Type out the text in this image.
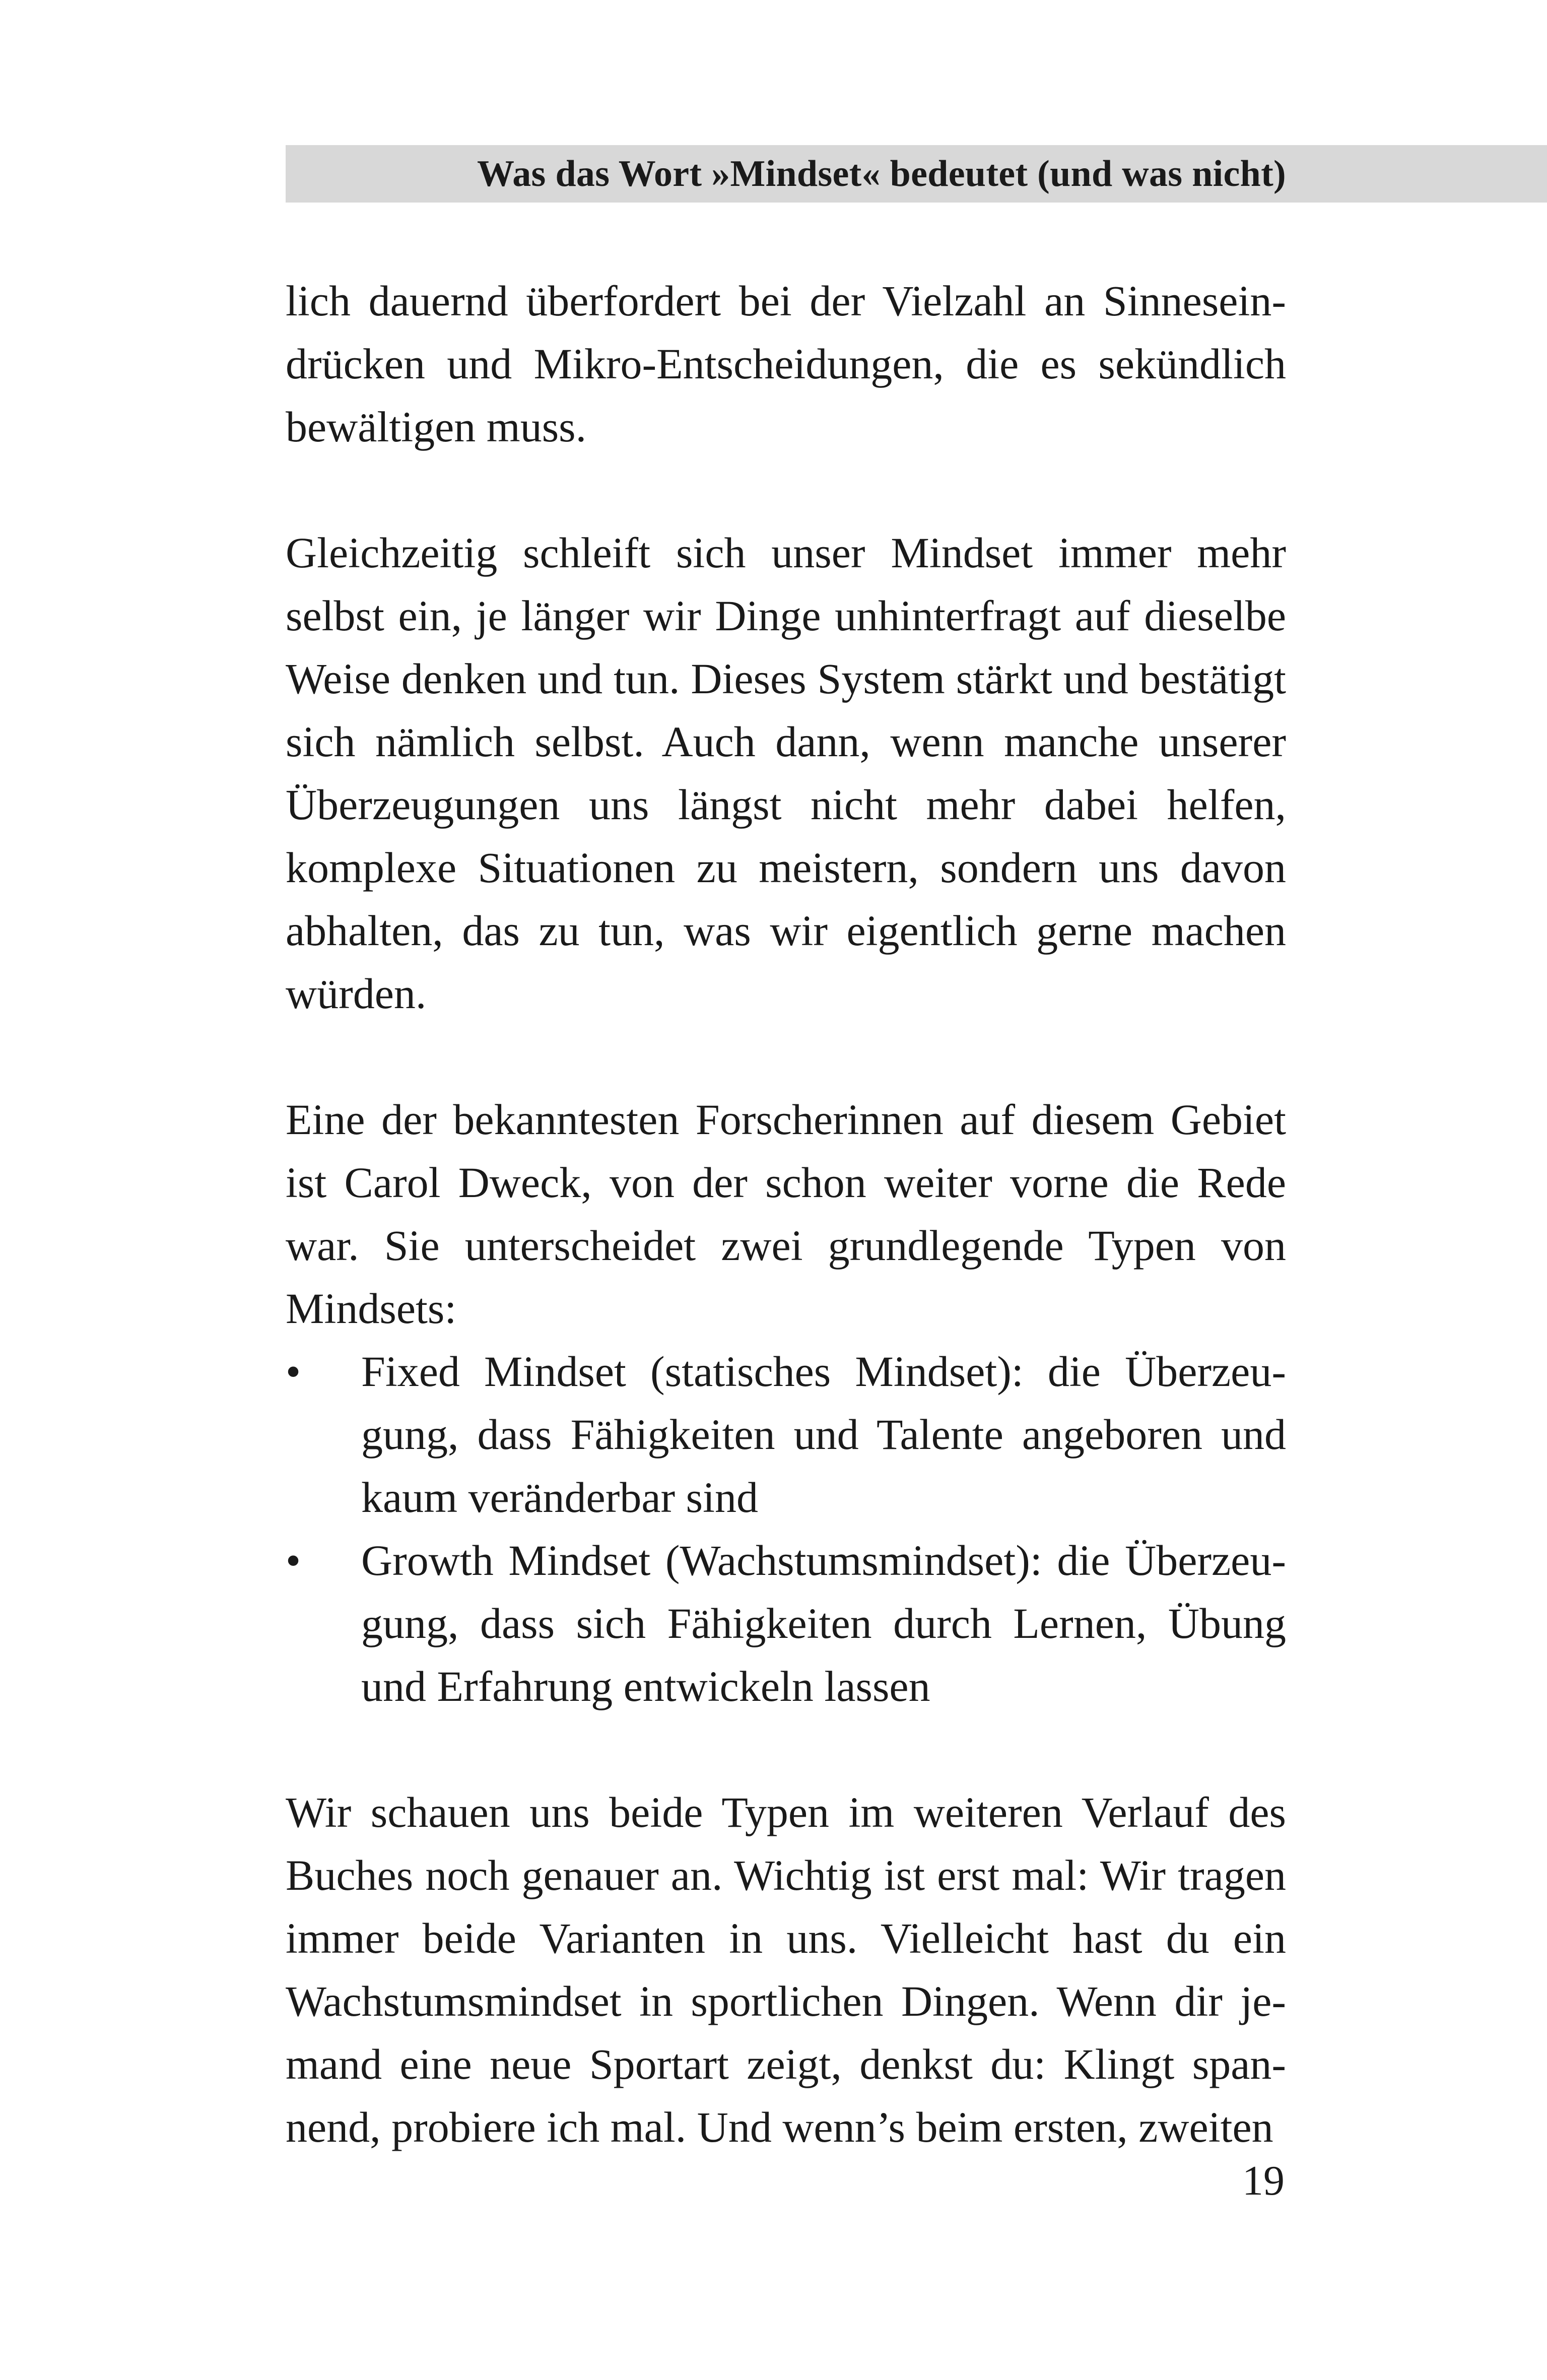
Was das Wort »Mindset« bedeutet (und was nicht)

lich dauernd überfordert bei der Vielzahl an Sinneseindrücken und Mikro-Entscheidungen, die es sekündlich bewältigen muss.

Gleichzeitig schleift sich unser Mindset immer mehr selbst ein, je länger wir Dinge unhinterfragt auf dieselbe Weise denken und tun. Dieses System stärkt und bestätigt sich nämlich selbst. Auch dann, wenn manche unserer Überzeugungen uns längst nicht mehr dabei helfen, komplexe Situationen zu meistern, sondern uns davon abhalten, das zu tun, was wir eigentlich gerne machen würden.

Eine der bekanntesten Forscherinnen auf diesem Gebiet ist Carol Dweck, von der schon weiter vorne die Rede war. Sie unterscheidet zwei grundlegende Typen von Mindsets:

• Fixed Mindset (statisches Mindset): die Überzeugung, dass Fähigkeiten und Talente angeboren und kaum veränderbar sind
• Growth Mindset (Wachstumsmindset): die Überzeugung, dass sich Fähigkeiten durch Lernen, Übung und Erfahrung entwickeln lassen

Wir schauen uns beide Typen im weiteren Verlauf des Buches noch genauer an. Wichtig ist erst mal: Wir tragen immer beide Varianten in uns. Vielleicht hast du ein Wachstumsmindset in sportlichen Dingen. Wenn dir jemand eine neue Sportart zeigt, denkst du: Klingt spannend, probiere ich mal. Und wenn’s beim ersten, zweiten

19
